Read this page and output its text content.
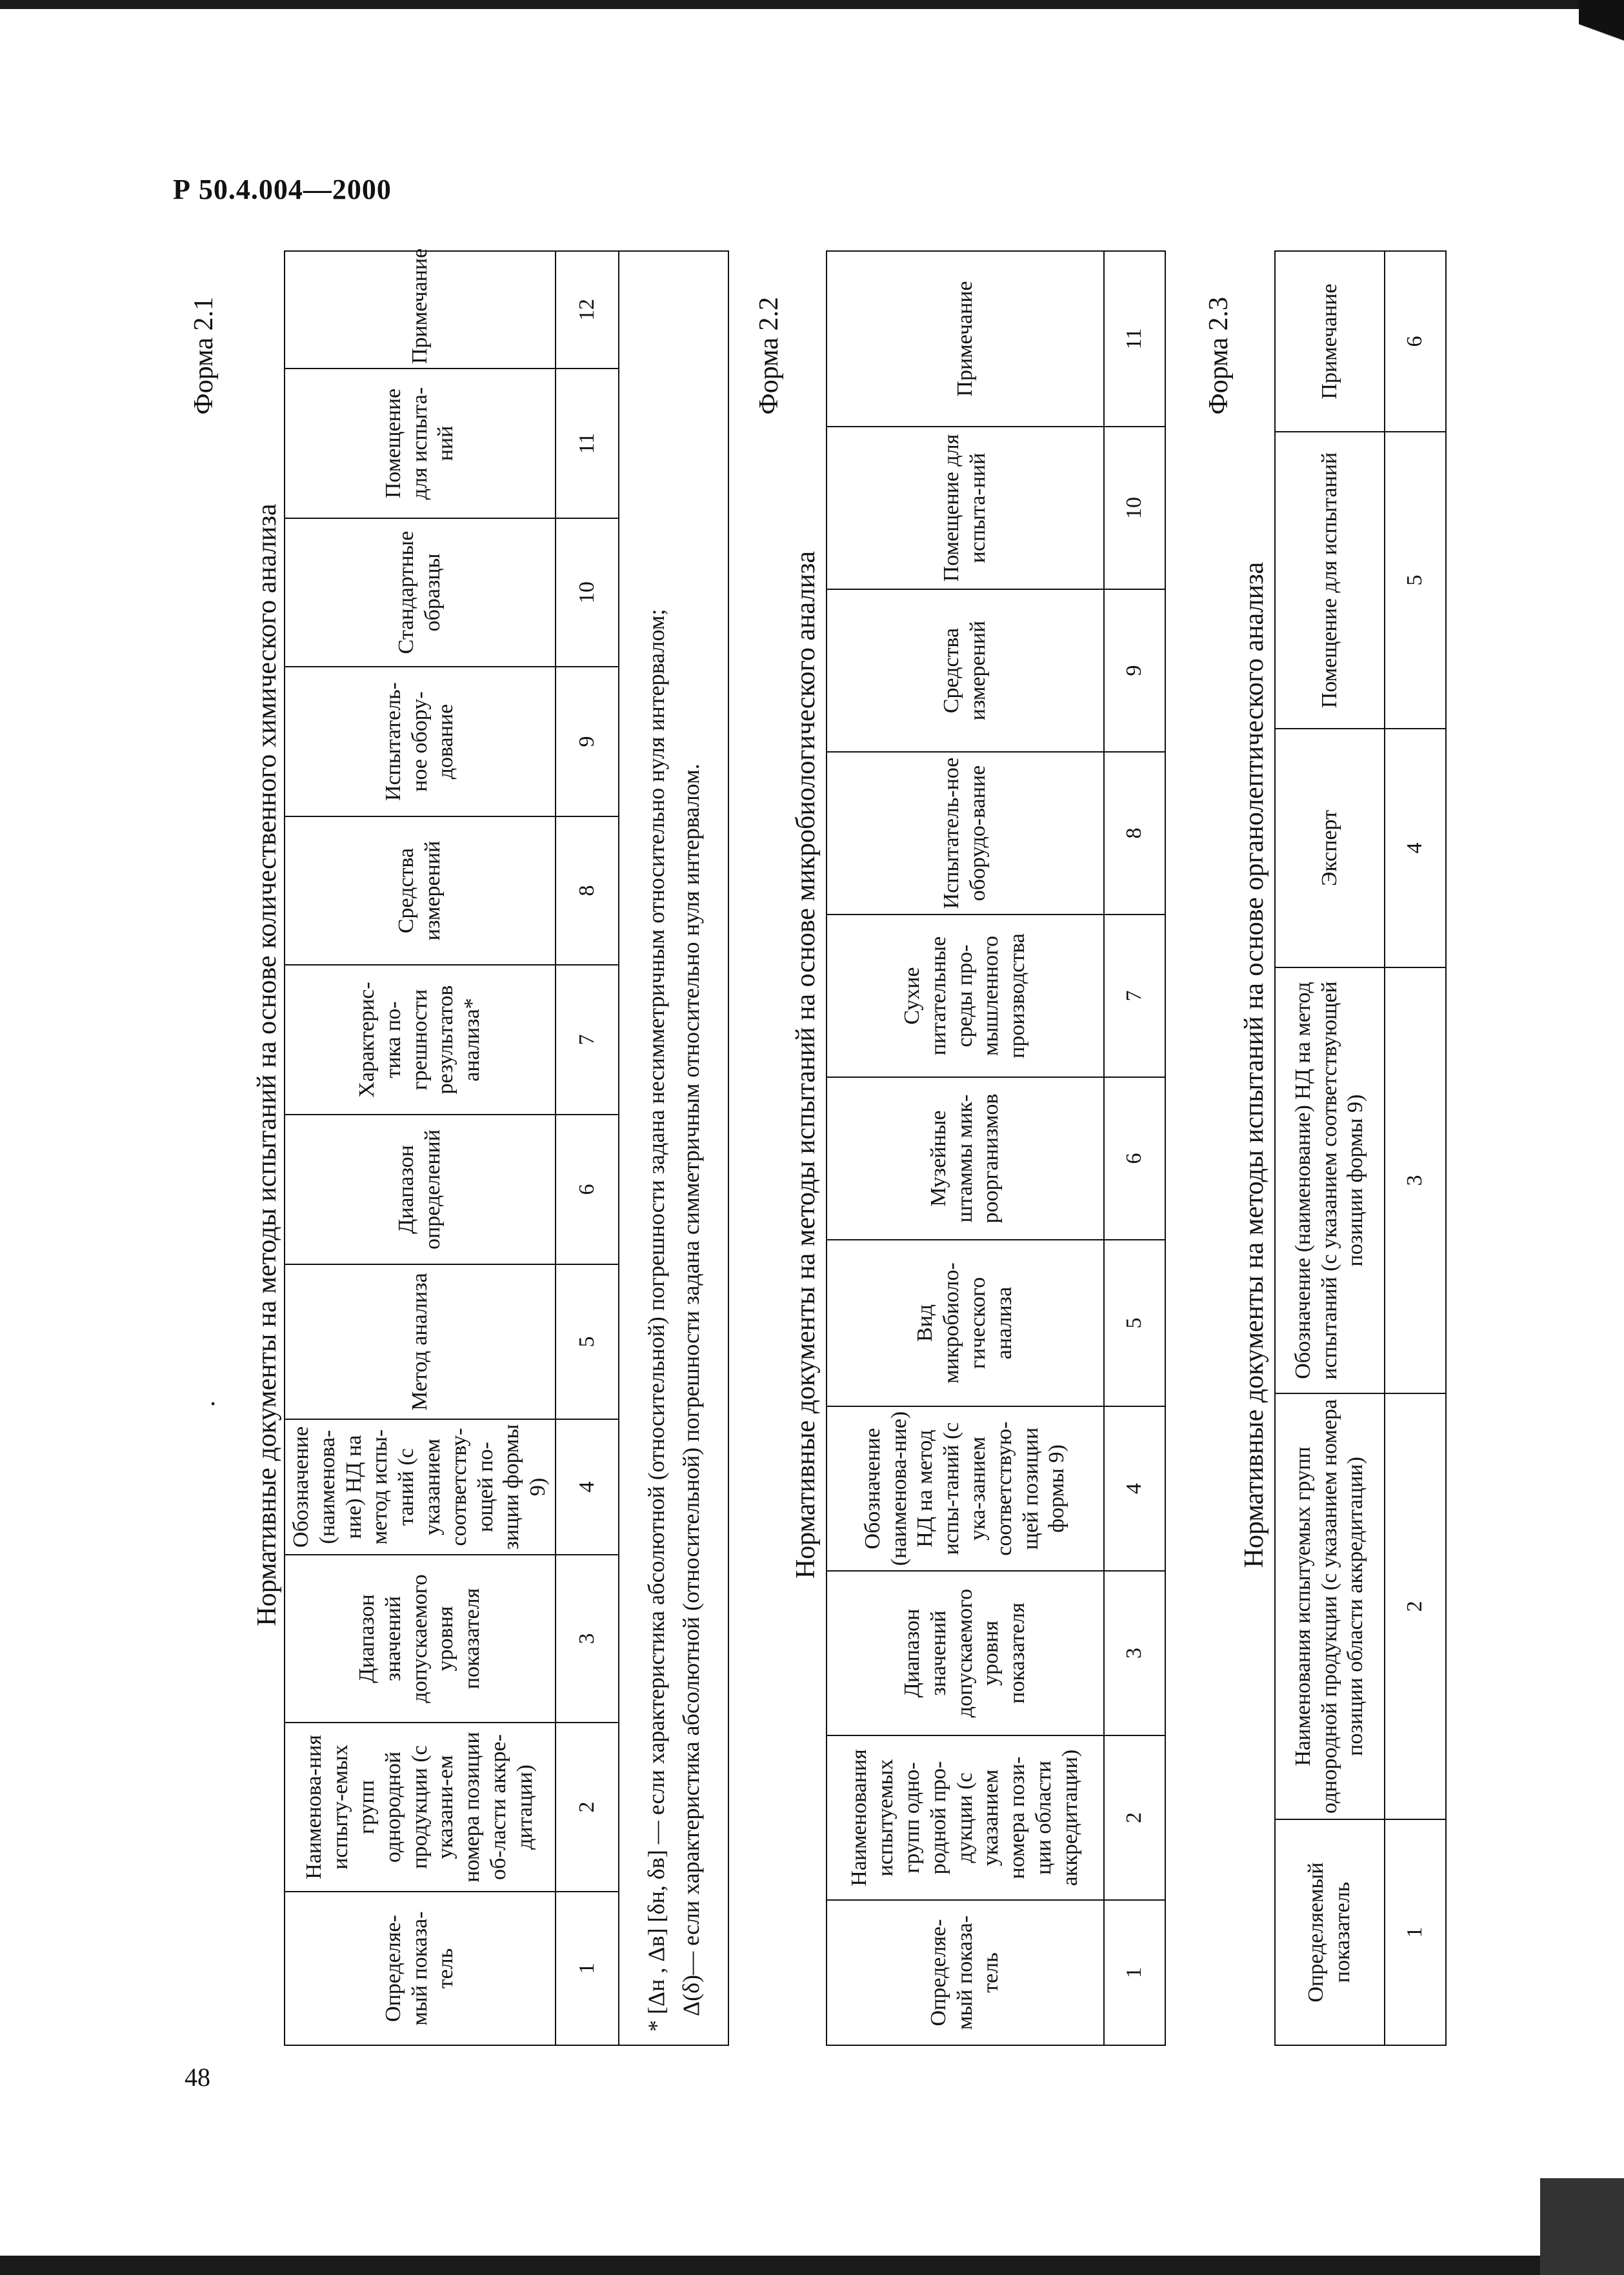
Р 50.4.004—2000
48
Форма 2.1
Нормативные документы на методы испытаний на основе количественного химического анализа
.
Определяе-мый показа-тель	Наименова-ния испыту-емых групп однородной продукции (с указани-ем номера позиции об-ласти аккре-дитации)	Диапазон значений допускаемого уровня показателя	Обозначение (наименова-ние) НД на метод испы-таний (с указанием соответству-ющей по-зиции формы 9)	Метод анализа	Диапазон определений	Характерис-тика по-грешности результатов анализа*	Средства измерений	Испытатель-ное обору-дование	Стандартные образцы	Помещение для испыта-ний	Примечание
1	2	3	4	5	6	7	8	9	10	11	12

* [Δн , Δв] [δн, δв] — если характеристика абсолютной (относительной) погрешности задана несимметричным относительно нуля интервалом; Δ(δ)— если характеристика абсолютной (относительной) погрешности задана симметричным относительно нуля интервалом.											
Форма 2.2
Нормативные документы на методы испытаний на основе микробиологического анализа
Определяе-мый показа-тель	Наименования испытуемых групп одно-родной про-дукции (с указанием номера пози-ции области аккредитации)	Диапазон значений допускаемого уровня показателя	Обозначение (наименова-ние) НД на метод испы-таний (с ука-занием соответствую-щей позиции формы 9)	Вид микробиоло-гического анализа	Музейные штаммы мик-роорганизмов	Сухие питательные среды про-мышленного производства	Испытатель-ное оборудо-вание	Средства измерений	Помещение для испыта-ний	Примечание
1	2	3	4	5	6	7	8	9	10	11 Форма 2.3
Нормативные документы на методы испытаний на основе органолептического анализа
Определяемый показатель	Наименования испытуемых групп однородной продукции (с указанием номера позиции области аккредитации)	Обозначение (наименование) НД на метод испытаний (с указанием соответствующей позиции формы 9)	Эксперт	Помещение для испытаний	Примечание
1	2	3	4	5	6
